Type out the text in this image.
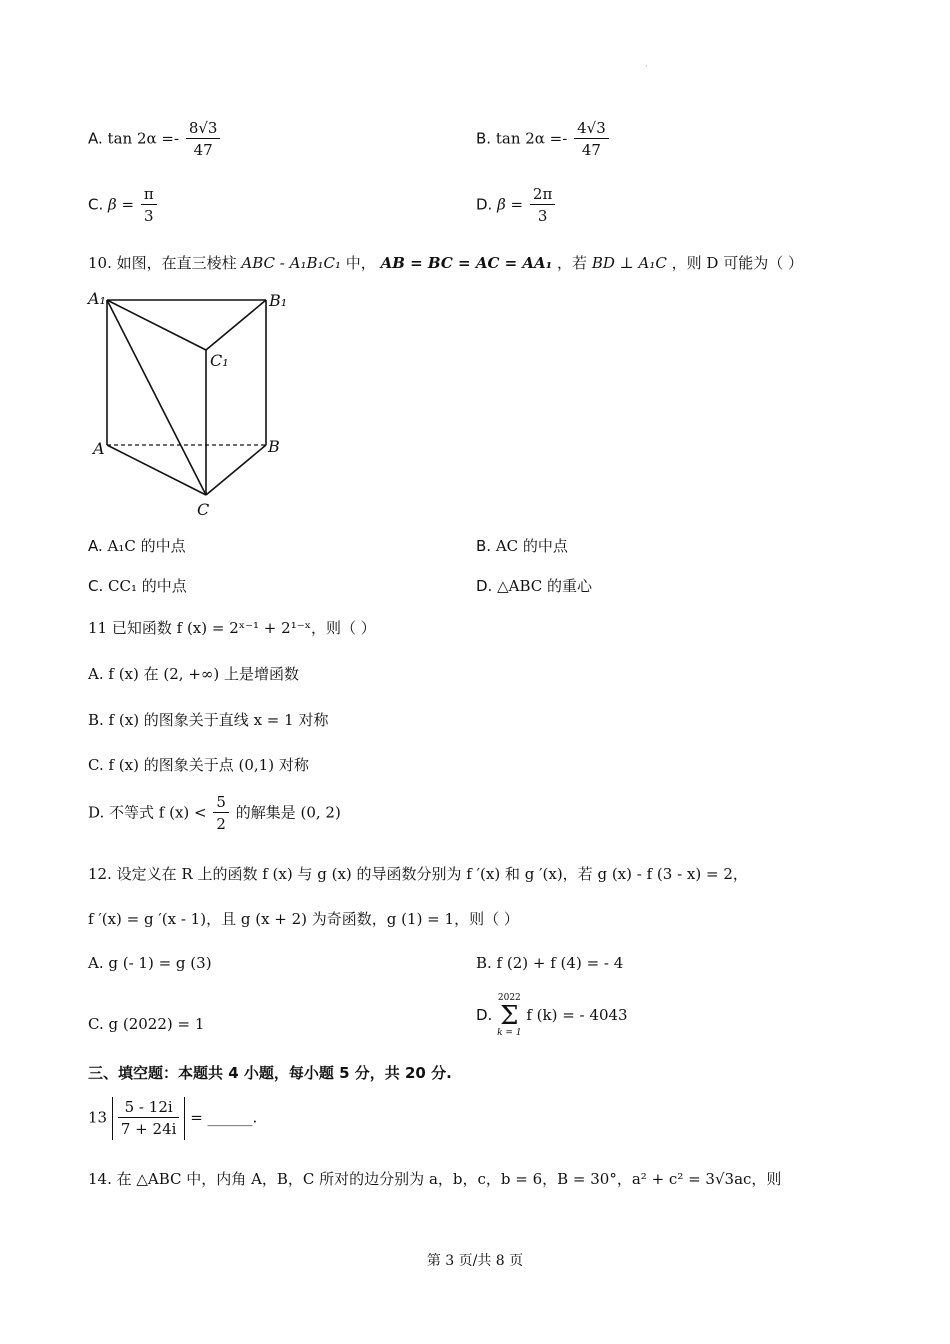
·
A. $\tan 2\alpha =- \frac{8√3}{47}$	B. $\tan 2\alpha =- \frac{4√3}{47}$
C. $\beta = \frac{\pi}{3}$	D. $\beta = \frac{2\pi}{3}$
10. 如图，在直三棱柱 ABC - A₁B₁C₁ 中， AB = BC = AC = AA₁ ，若 BD ⊥ A₁C ，则 D 可能为（ ）
A₁	B₁
C₁
A	B
C
A. A₁C 的中点	B. AC 的中点
C. CC₁ 的中点	D. △ABC 的重心
11 已知函数 f (x) = 2ˣ⁻¹ + 2¹⁻ˣ，则（ ）
A. f (x) 在 (2, +∞) 上是增函数
B. f (x) 的图象关于直线 x = 1 对称
C. f (x) 的图象关于点 (0,1) 对称
D. 不等式 f $(x) < \frac{5}{2}$ 的解集是 (0, 2)
12. 设定义在 R 上的函数 f (x) 与 g (x) 的导函数分别为 f ′(x) 和 g ′(x)，若 g (x) - f (3 - x) = 2，
f ′(x) = g ′(x - 1)，且 g (x + 2) 为奇函数，g (1) = 1，则（ ）
A. g (- 1) = g (3)	B. f (2) + f (4) = - 4
C. g (2022) = 1	D.
2022
Σ
k = 1
f (k) = - 4043
三、填空题：本题共 4 小题，每小题 5 分，共 20 分.
$13 \frac{5 - 12i}{7 + 24i}$ = ______.
14. 在 △ABC 中，内角 A，B，C 所对的边分别为 a，b，c，b = 6，B = 30°，a² + c² = 3√3ac，则
第 3 页/共 8 页
